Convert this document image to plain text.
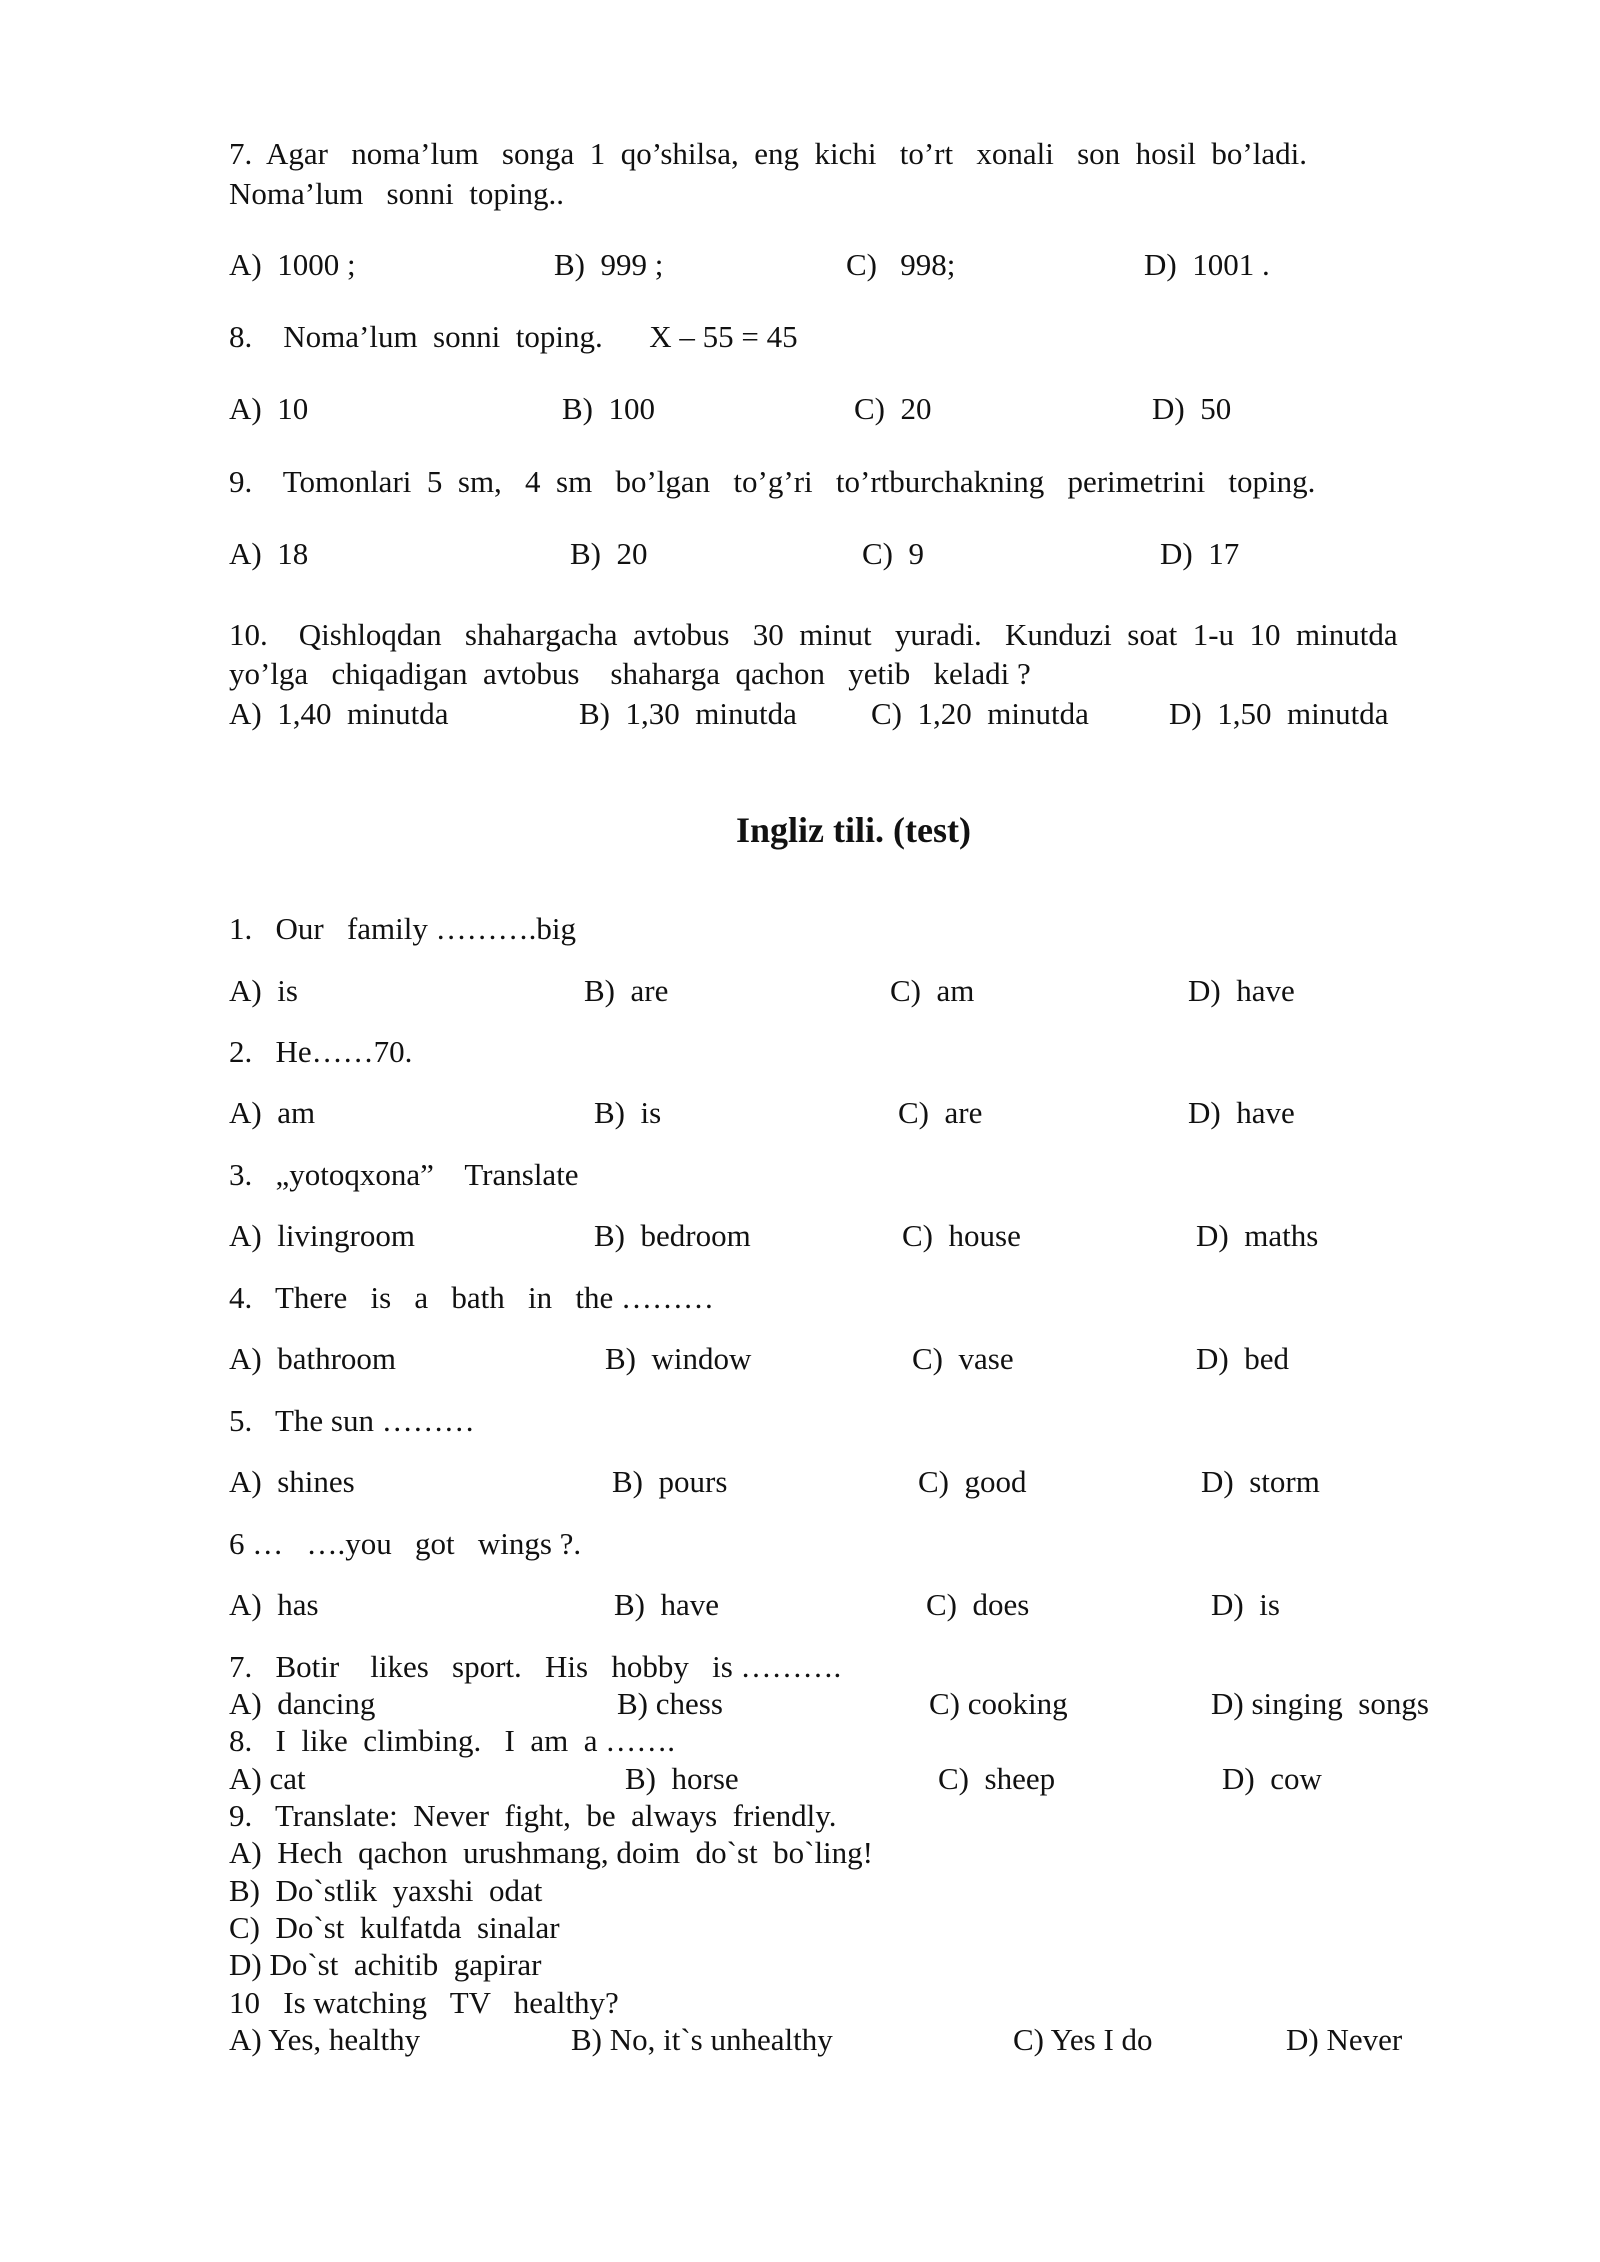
7.  Agar   noma’lum   songa  1  qo’shilsa,  eng  kichi   to’rt   xonali   son  hosil  bo’ladi.
Noma’lum   sonni  toping..
A)  1000 ;	B)  999 ;	C)   998;	D)  1001 .
8.    Noma’lum  sonni  toping.      X – 55 = 45
A)  10	B)  100	C)  20	D)  50
9.    Tomonlari  5  sm,   4  sm   bo’lgan   to’g’ri   to’rtburchakning   perimetrini   toping.
A)  18	B)  20	C)  9	D)  17
10.    Qishloqdan   shahargacha  avtobus   30  minut   yuradi.   Kunduzi  soat  1-u  10  minutda
yo’lga   chiqadigan  avtobus    shaharga  qachon   yetib   keladi ?
A)  1,40  minutda	B)  1,30  minutda C)  1,20  minutda	D)  1,50  minutda
Ingliz tili. (test)
1.   Our   family ……….big
A)  is	B)  are	C)  am	D)  have
2.   He……70.
A)  am	B)  is	C)  are	D)  have
3.   „yotoqxona”    Translate
A)  livingroom	B)  bedroom	C)  house	D)  maths
4.   There   is   a   bath   in   the ………
A)  bathroom	B)  window	C)  vase	D)  bed
5.   The sun ………
A)  shines	B)  pours	C)  good	D)  storm
6 …   ….you   got   wings ?.
A)  has	B)  have	C)  does	D)  is
7.   Botir    likes   sport.   His   hobby   is ……….
A)  dancing	B) chess	C) cooking	D) singing  songs
8.   I  like  climbing.   I  am  a …….
A) cat	B)  horse	C)  sheep	D)  cow
9.   Translate:  Never  fight,  be  always  friendly.
A)  Hech  qachon  urushmang, doim  do`st  bo`ling!
B)  Do`stlik  yaxshi  odat
C)  Do`st  kulfatda  sinalar
D) Do`st  achitib  gapirar
10   Is watching   TV   healthy?
A) Yes, healthy	B) No, it`s unhealthy	C) Yes I do	D) Never
